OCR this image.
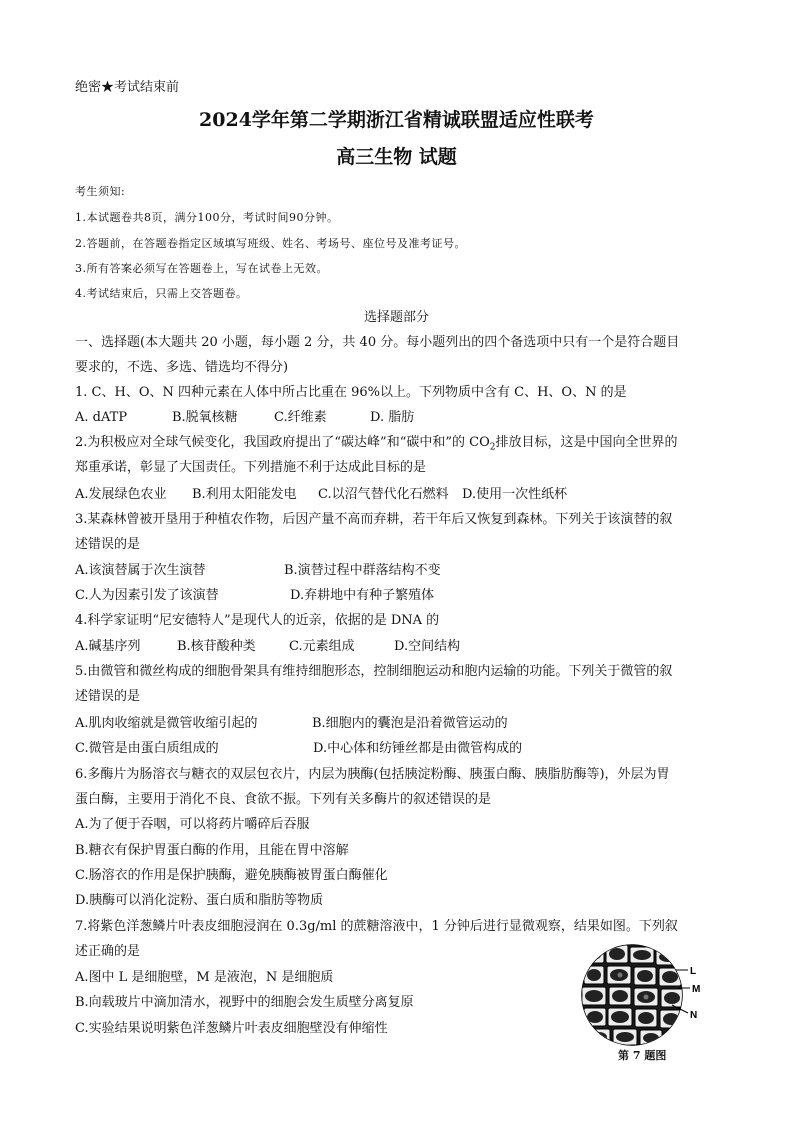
绝密★考试结束前
2024学年第二学期浙江省精诚联盟适应性联考
高三生物 试题
考生须知:
1.本试题卷共8页，满分100分，考试时间90分钟。
2.答题前，在答题卷指定区域填写班级、姓名、考场号、座位号及准考证号。
3.所有答案必须写在答题卷上，写在试卷上无效。
4.考试结束后，只需上交答题卷。
选择题部分
一、选择题(本大题共 20 小题，每小题 2 分，共 40 分。每小题列出的四个备选项中只有一个是符合题目
要求的，不选、多选、错选均不得分)
1. C、H、O、N 四种元素在人体中所占比重在 96%以上。下列物质中含有 C、H、O、N 的是
A. dATP	B.脱氧核糖	C.纤维素	D. 脂肪
2.为积极应对全球气候变化，我国政府提出了“碳达峰”和“碳中和”的 $CO_2$排放目标，这是中国向全世界的
郑重承诺，彰显了大国责任。下列措施不利于达成此目标的是
A.发展绿色农业 B.利用太阳能发电 C.以沼气替代化石燃料 D.使用一次性纸杯
3.某森林曾被开垦用于种植农作物，后因产量不高而弃耕，若干年后又恢复到森林。下列关于该演替的叙
述错误的是
A.该演替属于次生演替	B.演替过程中群落结构不变
C.人为因素引发了该演替	D.弃耕地中有种子繁殖体
4.科学家证明“尼安德特人”是现代人的近亲，依据的是 DNA 的
A.碱基序列	B.核苷酸种类	C.元素组成	D.空间结构
5.由微管和微丝构成的细胞骨架具有维持细胞形态，控制细胞运动和胞内运输的功能。下列关于微管的叙
述错误的是
A.肌肉收缩就是微管收缩引起的	B.细胞内的囊泡是沿着微管运动的
C.微管是由蛋白质组成的	D.中心体和纺锤丝都是由微管构成的
6.多酶片为肠溶衣与糖衣的双层包衣片，内层为胰酶(包括胰淀粉酶、胰蛋白酶、胰脂肪酶等)，外层为胃
蛋白酶，主要用于消化不良、食欲不振。下列有关多酶片的叙述错误的是
A.为了便于吞咽，可以将药片嚼碎后吞服
B.糖衣有保护胃蛋白酶的作用，且能在胃中溶解
C.肠溶衣的作用是保护胰酶，避免胰酶被胃蛋白酶催化
D.胰酶可以消化淀粉、蛋白质和脂肪等物质
7.将紫色洋葱鳞片叶表皮细胞浸润在 0.3g/ml 的蔗糖溶液中，1 分钟后进行显微观察，结果如图。下列叙
述正确的是
A.图中 L 是细胞壁，M 是液泡，N 是细胞质
B.向载玻片中滴加清水，视野中的细胞会发生质壁分离复原
C.实验结果说明紫色洋葱鳞片叶表皮细胞壁没有伸缩性
L
M
N
第 7 题图
